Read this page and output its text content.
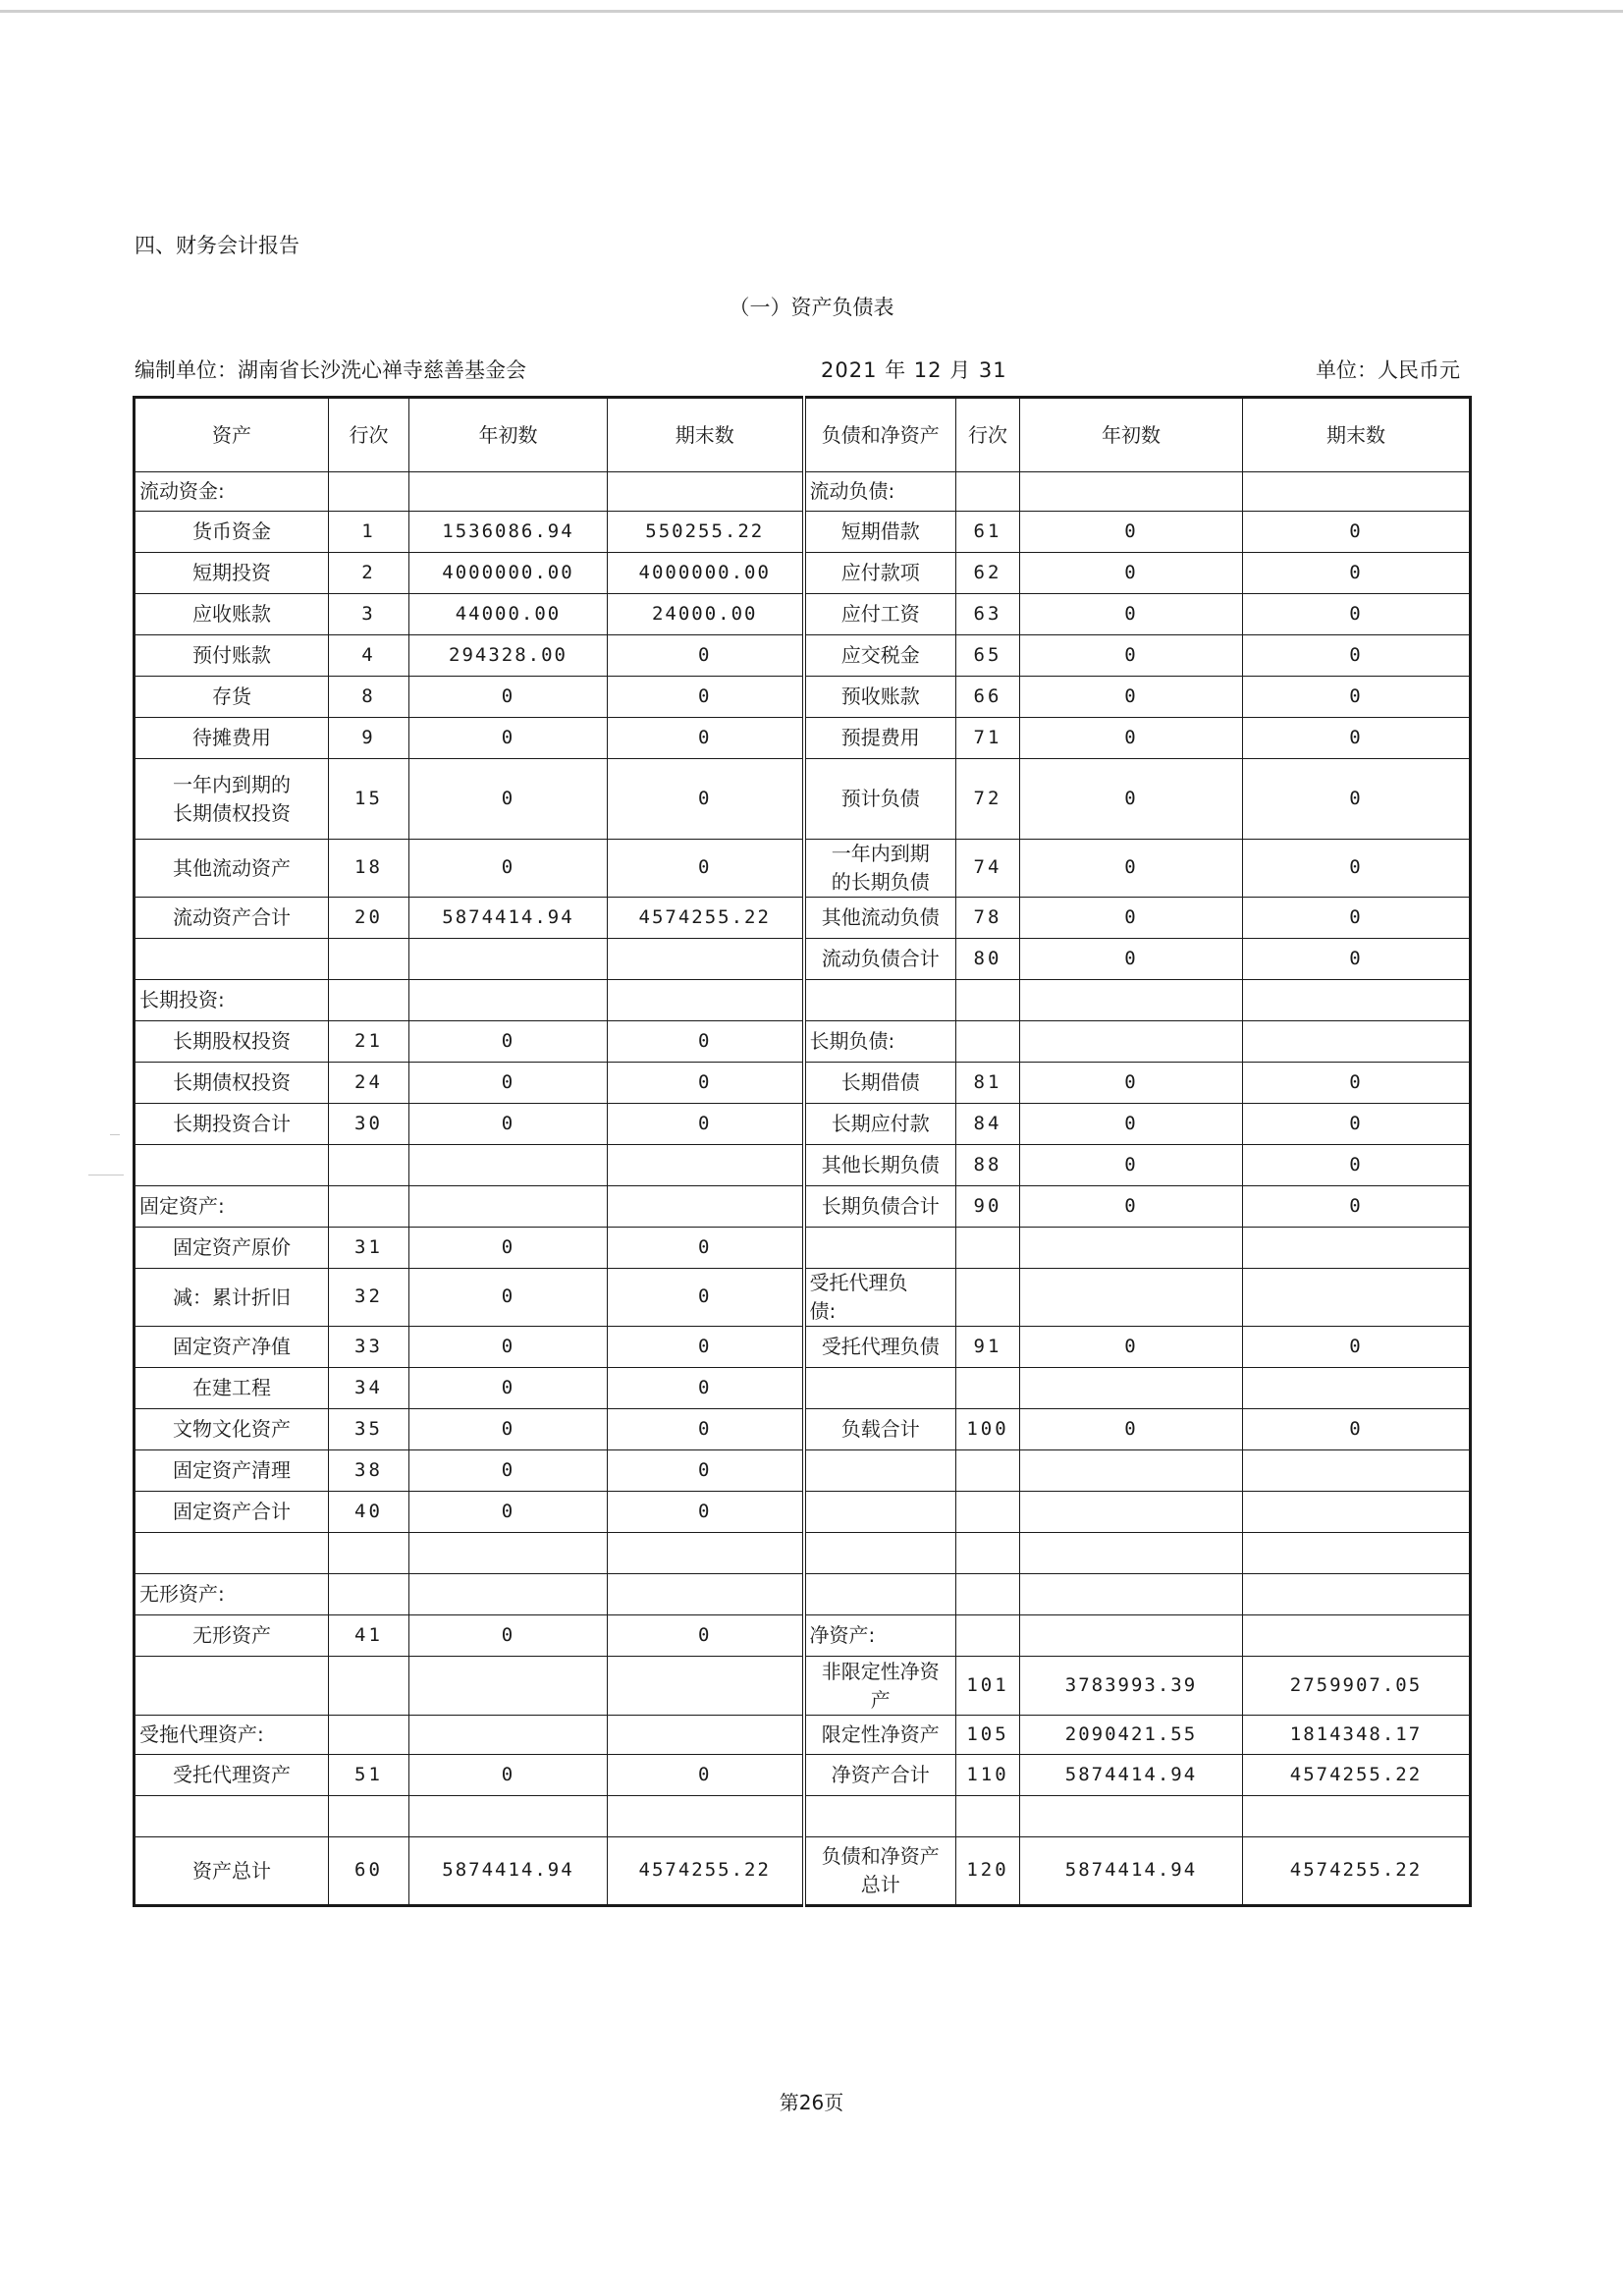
四、财务会计报告
（一）资产负债表
编制单位：湖南省长沙洗心禅寺慈善基金会	2021 年 12 月 31	单位：人民币元
资产	行次	年初数	期末数	负债和净资产	行次	年初数	期末数
流动资金:				流动负债:			
货币资金	1	1536086.94	550255.22	短期借款	61	0	0
短期投资	2	4000000.00	4000000.00	应付款项	62	0	0
应收账款	3	44000.00	24000.00	应付工资	63	0	0
预付账款	4	294328.00	0	应交税金	65	0	0
存货	8	0	0	预收账款	66	0	0
待摊费用	9	0	0	预提费用	71	0	0
一年内到期的长期债权投资	15	0	0	预计负债	72	0	0
其他流动资产	18	0	0	一年内到期的长期负债	74	0	0
流动资产合计	20	5874414.94	4574255.22	其他流动负债	78	0	0
				流动负债合计	80	0	0
长期投资:							
长期股权投资	21	0	0	长期负债:			
长期债权投资	24	0	0	长期借债	81	0	0
长期投资合计	30	0	0	长期应付款	84	0	0
				其他长期负债	88	0	0
固定资产:				长期负债合计	90	0	0
固定资产原价	31	0	0				
减：累计折旧	32	0	0	受托代理负债:			
固定资产净值	33	0	0	受托代理负债	91	0	0
在建工程	34	0	0				
文物文化资产	35	0	0	负载合计	100	0	0
固定资产清理	38	0	0				
固定资产合计	40	0	0				

无形资产:							
无形资产	41	0	0	净资产:			
				非限定性净资产	101	3783993.39	2759907.05
受拖代理资产:				限定性净资产	105	2090421.55	1814348.17
受托代理资产	51	0	0	净资产合计	110	5874414.94	4574255.22

资产总计	60	5874414.94	4574255.22	负债和净资产总计	120	5874414.94	4574255.22
第26页
